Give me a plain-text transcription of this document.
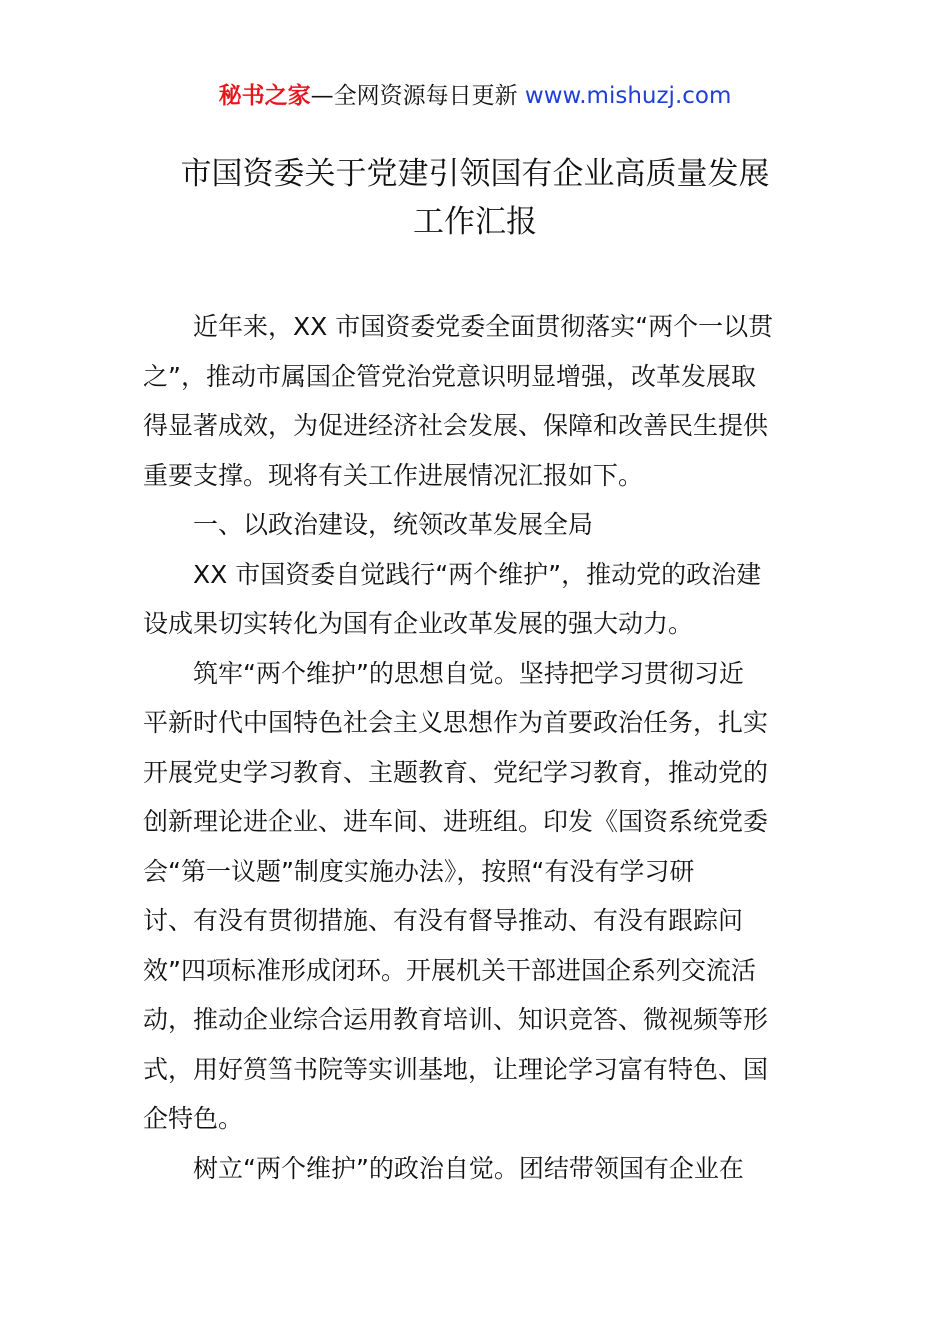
秘书之家—全网资源每日更新 www.mishuzj.com
市国资委关于党建引领国有企业高质量发展
工作汇报
　　近年来，XX 市国资委党委全面贯彻落实“两个一以贯
之”，推动市属国企管党治党意识明显增强，改革发展取
得显著成效，为促进经济社会发展、保障和改善民生提供
重要支撑。现将有关工作进展情况汇报如下。
　　一、以政治建设，统领改革发展全局
　　XX 市国资委自觉践行“两个维护”，推动党的政治建
设成果切实转化为国有企业改革发展的强大动力。
　　筑牢“两个维护”的思想自觉。坚持把学习贯彻习近
平新时代中国特色社会主义思想作为首要政治任务，扎实
开展党史学习教育、主题教育、党纪学习教育，推动党的
创新理论进企业、进车间、进班组。印发《国资系统党委
会“第一议题”制度实施办法》，按照“有没有学习研
讨、有没有贯彻措施、有没有督导推动、有没有跟踪问
效”四项标准形成闭环。开展机关干部进国企系列交流活
动，推动企业综合运用教育培训、知识竞答、微视频等形
式，用好筼筜书院等实训基地，让理论学习富有特色、国
企特色。
　　树立“两个维护”的政治自觉。团结带领国有企业在
